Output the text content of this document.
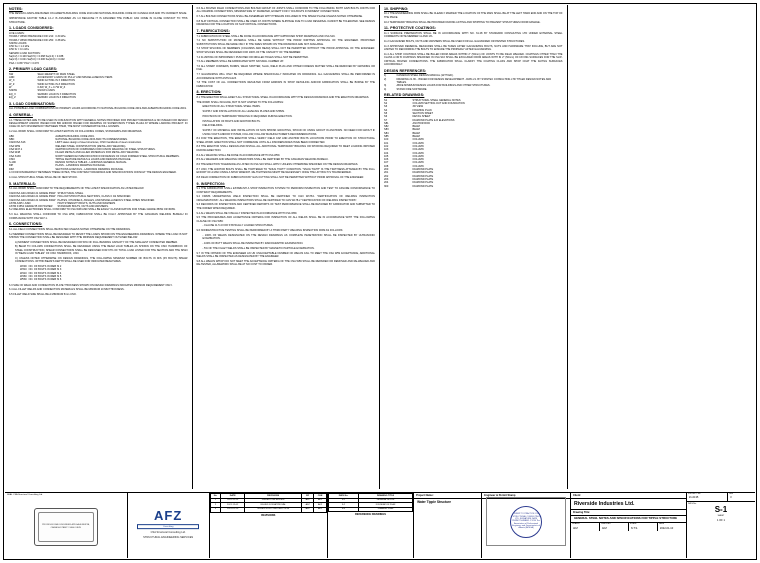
NOTES:
THE DESIGN LOADS ARE BASED ON ALBERTA BUILDING CODE 2019 AND NATIONAL BUILDING CODE OF CANADA 2015 AND ITS CURRENT ISSUE.
IMPORTANCE FACTOR TABLE 4.1.2 IS ASSUMED AS 1.0 BECAUSE IT IS ASSUMED THE PUBLIC CAN COME IN CLOSE CONTACT TO THIS STRUCTURE.
1. LOADS CONSIDERED:
LIVE LOADS:	
HOURLY WIND PRESSURE FOR 1/10	0.30 kPa
HOURLY WIND PRESSURE FOR 1/50	0.38 kPa
SNOW LOADS:	
1/50 Ss = 1.2 kPa	
1/50 Sr = 0.1 kPa	
SEISMIC LOAD FACTORS:	
Sa(0.2) = 0.100 Sa(0.5) = 0.068 Sa(1.0) = 0.038	
Sa(2.0) = 0.021 Sa(5.0) = 0.006 Sa(10.0) = 0.002	
PGA = 0.057 PGV = 0.076	
2. PRIMARY LOAD CASES:
SW	SELF-WEIGHT OF MAIN STEEL
ADD	ACCESSORY LOADS OF PULLY AND MISCELLANEOUS ITEMS
W_X	WIND ACTING IN X DIRECTION
W_Z	WIND ACTING IN Z DIRECTION
W	0.3W, W_X + 0.7W W_Z
SNOW	SNOW LOADS
EQ_X	SEISMIC LOAD IN X DIRECTION
EQ_Z	SEISMIC LOAD IN Z DIRECTION
3. LOAD COMBINATIONS:
ALL POSSIBLE LOAD COMBINATIONS OF PRIMARY LOADS ACCORDING TO NATIONAL BUILDING CODE 2019 AND ALBERTA BUILDING CODE 2019.
4. GENERAL:
4.1 THESE NOTES ARE TO BE USED IN CONJUNCTION WITH GENERAL NOTES PROVIDED FOR PROJECT DRAWINGS & NO ISSUED FOR DESIGN DEVELOPMENT AND/OR ISSUED FOR BID AND/OR ISSUED FOR DRAWING OF SUPERVISION TYPE/E PLAZA AT WHERE LANDING PROJECT. IN CASE OF ANY DISCREPANCY BETWEEN THEM, THE MOST CONSERVATIVE WILL GOVERN.
4.2 ALL WORK SHALL CONFORM TO LATEST EDITION OF FOLLOWING CODES, STANDARDS AND DRAWINGS.
ABC	ALBERTA BUILDING CODE 2019.
NBC	NATIONAL BUILDING CODE 2015 AND ITS COMMENTARIES.
CAN/CSA S16	LIMIT states design of steel structures, CISC handbook of steel construction.
CSA W59	WELDED STEEL CONSTRUCTION (METAL ARC WELDING).
CSA W47.1	CERTIFICATION OF COMPANIES FOR FUSION WELDING OF STEEL STRUCTURES.
CSA W48	FILLER METALS AND ALLIED MATERIALS FOR METAL ARC WELDING.
CSA S136	NORTH AMERICAN SPECIFICATION FOR DESIGN OF COLD FORMED STEEL STRUCTURAL MEMBERS.
CISC	TIPPLE FEATURE DETAILS & LOADS AND DESIGNS PACKAGE.
S-190	DESIGN NOTES & TABLES - LANDINGS GENERAL MANUAL
DIP	PLANS - LANDINGS DRAWING PACKAGE.
DIM	SECTIONS & DETAILS - LANDINGS DRAWING PACKAGE.
4.3 FOR DISCREPANCY BETWEEN THESE NOTES, THE CONTRACT DRAWINGS AND SPECIFICATIONS CONSULT THE DESIGN ENGINEER.
4.4 ALL STRUCTURAL STEEL SHALL BE OF NEW STOCK.
5. MATERIALS:
5.1 ALL WORK SHALL CONFORM TO THE REQUIREMENTS OF THE LATEST SPECIFICATION AS LISTED BELOW.
CAN/CSA G40.20/G40.21 GRADE 350W	STRUCTURAL STEEL
CAN/CSA G40.20/G40.21 GRADE 350W	HOLLOW STRUCTURAL SECTIONS, CLASS C AS SPECIFIED.
CAN/CSA G40.20/G40.21 GRADE 300W	PLATES, CHANNELS, ANGLES, AND MISCELLANEOUS STEEL WHEN SPECIFIED.
ASTM A325 / A490	HIGH STRENGTH BOLTS, NUTS AND WASHERS
ASTM F1554 GRADE 55 OR HIGHER	STANDARD BOLTS, NUTS AND WASHERS.
5.2 WELDING ELECTRODES SHALL CONFORM TO CSA W48 AND SHALL BE EASILY CLASSIFICATION FOR STEEL GRADE 350W OR 300W.
5.3 ALL WELDING SHALL CONFORM TO CSA W59, FABRICATOR SHALL BE FULLY APPROVED BY THE CANADIAN WELDING BUREAU IN COMPLIANCE WITH CSA W47.1.
6. CONNECTIONS:
6.1 ALL FIELD CONNECTIONS SHALL BE BOLTED UNLESS NOTED OTHERWISE ON THE DRAWINGS.
6.2 MEMBER CONNECTIONS SHALL BE DESIGNED TO RESIST THE LOADS SHOWN ON THE ENGINEERING DRAWINGS. WHERE THE LOAD IS NOT SHOWN THE CONNECTION SHALL BE DESIGNED WITH THE MINIMUM REQUIREMENT OUTLINED BELOW.
A) MOMENT CONNECTIONS SHALL BE DESIGNED FOR 50% OF FULL BENDING CAPACITY OF THE SMALLEST CONNECTED MEMBER.
B) BEAM TO COLUMN CONNECTIONS SHALL BE DESIGNED USING THE BEAM LOAD TABLES AS SHOWN ON THE CISC HANDBOOK OF STEEL CONSTRUCTION, SHEAR CONNECTIONS SHALL BE DESIGNED FOR 67% OF TOTAL LOAD LISTED FOR THE SECTION AND THE SPAN IN "BEAM LOAD TABLES" OF CISC HANDBOOK, UNO.
C) UNLESS NOTED OTHERWISE ON DESIGN DRAWINGS, THE FOLLOWING MINIMUM NUMBER OF BOLTS IN M/S (P2 BOLTS) SHEAR CONNECTIONS. WITHIN BEAM'S DEPTH SHALL BE USED FOR INDICATED BEAM SIZES.
W200	NO. OF BOLTS IN WEB IS 2
W310	NO. OF BOLTS IN WEB IS 3
W410	NO. OF BOLTS IN WEB IS 4
W460	NO. OF BOLTS IN WEB IS 5
W530	NO. OF BOLTS IN WEB IS 6
6.3 SIZE OF WELD AND CONNECTION PLATE THICKNESS SHOWN ON DESIGN DRAWINGS INDICATES MINIMUM REQUIREMENT ONLY.
6.4 ALL FILLET WELDS AND CONNECTION MATERIALS SHALL BE MINIMUM 10 MM THICKNESS.
6.5 FILLET WELD SIZE SHALL BE A MINIMUM 5mm UNO.
6.6 ALL BOLTED FIELD CONNECTIONS AND BOLTED GROUP OF JOINTS SHALL CONFORM TO THE FOLLOWING: BOTH A325 BOLTS JOINTS FOR ALL FRAMING CONNECTIONS, MINIMUM SIZE %" DIAMETER, EXCEPT FOR 1" DIA BOLTS IN MOMENT CONNECTIONS.
6.7 ALL BOLTED CONNECTIONS SHALL BE ASSEMBLED WITH THREADS INCLUDED IN THE SHEAR PLANE UNLESS NOTED OTHERWISE.
6.8 SLIP CRITICAL CONNECTION SHALL BE USED AT JOINTS WHERE SLIPPAGE DUE TO LOAD REVERSAL CANNOT BE TOLERATED. SEE DESIGN DRAWING FOR THE LOCATION OF SLIP CRITICAL CONNECTIONS.
7. FABRICATIONS:
7.1 FABRICATION OF STEEL SHALL BE DONE IN ACCORDANCE WITH APPROVED SHOP DRAWINGS AND CSA S16.
7.2 NO SUBSTITUTION OF MATERIAL SHALL BE MADE WITHOUT THE PRIOR WRITTEN APPROVAL OF THE ENGINEER. PROPOSED SUBSTITUTIONS SHALL BE MADE ONLY IF THE SIZES SHOWN ON THE DRAWINGS ARE NOT AVAILABLE.
7.3 SHOP SPLICING OF MEMBERS (COLUMNS AND BEAM) SHALL NOT BE PERMITTED WITHOUT THE PRIOR APPROVAL OF THE ENGINEER. SHOP SPLICES SHALL BE DESIGNED FOR 100% OF THE CAPACITY OF THE MEMBER.
7.4 FLUSHING OF IMPROPERLY PUNCHED OR DRILLED HOLES SHALL NOT BE PERMITTED.
7.5 ALL MEMBERS SHALL BE FABRICATED WITH NATURAL CAMBER UP.
7.6 ALL SHARP CORNERS, BURRS, WELD SPATTER, SLAG, WELD PLUG AND OTHER FOREIGN MATTER SHALL BE REMOVED BY GRINDING OR FILE.
7.7 GALVANIZING WILL ONLY BE REQUIRED WHERE SPECIFICALLY INDICATED ON DRAWINGS. ALL GALVANIZING SHALL BE PERFORMED IN ACCORDANCE WITH ASTM A123.
7.8 THE COST OF ALL CORRECTIONS RESULTED FROM ERRORS IN SHOP DETAILING AND/OR FABRICATION SHALL BE BORNE BY THE FABRICATOR.
8. ERECTION:
8.1 THE ERECTOR SHALL ERECT ALL STRUCTURAL STEEL IN ACCORDANCE WITH THE DESIGN DRAWINGS AND THE ERECTION DRAWINGS.
THE WORK SHALL INCLUDE, BUT IS NOT LIMITED TO THE FOLLOWING:
ERECTION OF ALL STRUCTURAL STEEL ITEMS.
SUPPLY AND INSTALLATION OF ALL LEVELING PLATES AND SHIMS.
PROVISION OF TEMPORARY BRACING IF REQUIRED DURING ERECTION.
INSTALLATION OF BOLTS AND ANCHOR BOLTS.
FIELD WELDING.
SUPPLY OF MATERIAL AND INSTALLATION OF NON SHRINK GROUTING, SHOUD OF USING GROUT IN ANCHORS. NO NEED FOR GROUT IF USING VOLTS AND/OR SYSTEM, FOLLOW, FOLLOW MANUFACTURER'S RECOMMENDATIONS.
8.2 FOR THE ERECTION, THE ERECTOR SHALL VERIFY FIELD CAP AND ANCHOR BOLTS LOCATIONS PRIOR TO ERECTION OF STRUCTURAL STEEL WORK. ERECTION SHALL NOT COMMENCE UNTIL ALL DISCREPANCIES HAVE BEEN CORRECTED.
8.3 THE ERECTOR SHALL DESIGN AND INSTALL ALL ADDITIONAL TEMPORARY BRACING OR SHORING REQUIRED TO MEET LOADING IMPOSED DURING ERECTION.
8.4 ALL WELDING SHALL BE DONE IN ACCORDANCE WITH CSA W59.
8.5 ALL WELDERS AND WELDING OPERATORS SHALL BE CERTIFIED BY THE CANADIAN WELDING BUREAU.
8.6 THE ERECTION TOLERANCE AS LISTED IN CSA S16 SHALL APPLY UNLESS OTHERWISE SPECIFIED ON THE DESIGN DRAWINGS.
8.7 UNO, THE ANCHOR BOLTS SHALL BE TIGHTENED TO "SNUG TIGHT" CONDITION. "SNUG TIGHT" IS THE TIGHTNESS ATTAINED BY THE FULL EFFORT OF A MAN USING A SPUD WRENCH. RE-TIGHTENING MIGHT BE NECESSARY ONCE THE LIFT BOLT IS TRANSFERRED.
8.8 FIELD CORRECTION OF FABRICATION BY GAS CUTTING SHALL NOT BE PERMITTED WITHOUT PRIOR APPROVAL OF THE ENGINEER.
9. INSPECTION:
9.1 THE FABRICATOR SHALL ESTABLISH A SHOP INSPECTION SYSTEM TO PERFORM INSPECTION AND TEST TO ASSURE CONFORMANCE TO CONTRACT REQUIREMENTS.
9.2 FIRMS UNDERTAKING WELD INSPECTION SHALL BE CERTIFIED TO CAN W178.1 "CERTIFICATION OF WELDING INSPECTION ORGANIZATIONS". ALL WELDING INSPECTORS SHALL BE CERTIFIED TO CAN W178.2 "CERTIFICATION OF WELDING INSPECTORS".
9.3 RECORDS OF INSPECTIONS AND CERTIFIED REPORTS OF TEST PERFORMANCE SHALL BE RETAINED BY FABRICATOR AND SUBMITTED TO THE OWNER WHEN REQUIRED.
9.4 ALL WELDS SHALL BE VISUALLY INSPECTED IN ACCORDANCE WITH CSA W59.
9.5 THE PROCEDURES AND ACCEPTANCE CRITERIA FOR INSPECTION OF ALL WELDS SHALL BE IN ACCORDANCE WITH THE FOLLOWING CLAUSE OF CSA W59:
- CLAUSE 11.5.4 FOR STATICALLY LOADED STRUCTURES.
9.6 NONDESTRUCTIVE TESTING SHALL BE PERFORMED BY A THIRD PARTY WELDING INSPECTION FIRM AS FOLLOWS:
- 100% OF WELDS DESIGNATED ON THE DESIGN DRAWINGS AS COMPLETE PENETRATION SHALL BE INSPECTED BY ULTRASONIC EXAMINATION.
- 100% OF BUTT WELDS SHALL BE INSPECTED BY RADIOGRAPHIC EXAMINATION.
- 5% OF THE FILLET WELDS SHALL BE INSPECTED BY MAGNETIC PARTICLE EXAMINATION.
9.7 IN THE OPINION OF THE ENGINEER AN UN UNACCEPTABLE NUMBER OF WELDS FAIL TO MEET THE CSA W59 ACCEPTANCE, ADDITIONAL WELDS SHALL BE INSPECTED AS DESIGNATED BY THE ENGINEER.
9.8 ALL WELDS WHICH DO NOT MEET THE ACCEPTANCE CRITERIA OF THE CSA W59 SHALL BE REPAIRED OR REMOVED AND RE-WELDED AND RE-TESTED, ALL/REWORK SHALL BE AT NO COST TO OWNER.
10. SHIPPING:
10.1 THE ENGINEERING FIRM SHALL BE CLEARLY MARKED THE LOCATION OF THE MAIN SHALL BE AT THE LEFT HAND END AND ON THE TOP OF THE PIECE.
10.2 TEMPORARY BRACING SHALL BE PROVIDED DURING LIFTING AND SHIPPING TO PREVENT STRUCTURES FROM DAMAGE.
11. PROTECTIVE COATINGS:
11.1 SURFACE PREPARATION SHALL BE IN ACCORDANCE WITH NO. 61.28 BY STANDARD CONSULTING LTD UNDER EXTERNAL STEEL COMMENTS NOTE MEMBER 11 AND 1%.
11.2 GALVANIZED BOLTS, NUTS AND WASHERS SHALL BE USED FOR ALL GALVANIZED OR PAINTED STRUCTURES.
11.3 APPROVED REMEDIAL MEASURES SHALL BE TAKEN AFTER GALVANIZING BOLTS, NUTS AND HARDWARE THAT INCLUDE, BUT ARE NOT LIMITED TO REFORMING THE BOLTS TO ENSURE THE PROPERLY AFTER GALVANIZING.
11.4 ALL SHOP COATINGS SHALL BE BILLED FROM AREAS WITHIN 2" (50mm) OF JOINTS TO BE FIELD WELDED. COATINGS OTHER THAN THE CLASS A OR B COATINGS SPECIFIED IN CSA S16 SHALL BE EXCLUDED FROM AREAS WITH IN 2" (50mm) OF FAYING SURFACES FOR THE SLIP-CRITICAL BOLTED CONNECTIONS. THE FABRICATOR SHALL CLARIFY THE COATING CLASS AND SHOP COAT THE FAYING SURFACES ACCORDINGLY.
DESIGN REFERENCES:
1)	CANADIAN STEEL DESIGN MANUAL (11TH ED).
2)	DRAWING 21.36 - ISSUED FOR DESIGN DEVELOPMENT - DWG 21. BY STANTEC CONSULTING LTD TITLED DESIGN NOTES AND TABLES.
3)	ABCE MINIMUM DESIGN LOADS FOR BUILDINGS AND OTHER STRUCTURES.
4)	STAND FIRE SOFTWARE.
RELATED DRAWINGS:
S1	STRUCTURAL STEEL GENERAL NOTES
S2	COLUMN SETTING OUT AND FOUNDATION
S3	3D VIEW
S4	FRAMING PLAN
S5	SECTION SHEET
S6	DETAIL SHEET
S7	DIAMOND PLATE & R ELEVATIONS
S81	ANCHOR ROD
S82	BEAM
S83	BEAM
S84	BEAM
S85	BEAM
100	COLUMN
101	COLUMN
102	COLUMN
103	COLUMN
104	COLUMN
105	COLUMN
106	COLUMN
107	COLUMN
108	COLUMN
200	DIAMOND PLATE
201	DIAMOND PLATE
202	DIAMOND PLATE
203	DIAMOND PLATE
204	DIAMOND PLATE
300	DIAMOND PLATE
SEAL CSA Structural Consulting Ltd.
PROFESSIONAL ENGINEER APEGA ALBERTA, CANADA STAMP / SEAL DATE
AFZ
Consulting
CSA Structural Consulting Ltd.
STRUCTURAL ENGINEERING SERVICES
No.	DATE	REVISIONS	BY	CHK
1	2021-11-15	ISSUED FOR REVIEW	AFZ	AFZ
2	2021-12-02	ISSUED FOR APPROVAL	AFZ	AFZ
3	2022-01-10	ISSUED FOR CONSTRUCTION	AFZ	AFZ
REVISIONS
DWG No.	DRAWING TITLE
S-1	GENERAL NOTES
S-2	FOUNDATION PLAN
S-3	FRAMING PLAN
REFERENCE DRAWINGS
Project Name:
Water Tipple Structure
Engineer & Permit Stamp
PERMIT TO PRACTICE CSA STRUCTURAL CONSULTING LTD. SIGNATURE DATE PERMIT NUMBER: P1234 The Association of Professional Engineers and Geoscientists of Alberta (APEGA)
Client:
Riverside Industries Ltd.
Drawing Title:
GENERAL STEEL NOTES AND SPECIFICATIONS FOR TIPPLE STRUCTURE
DRAWN
AFZ
CHECKED
AFZ
SCALE
N.T.S.
DATE
2022-01-10
PROJECT No.
21-0135
REV
3
DWG No.
S-1
SHEET
1 OF 1
